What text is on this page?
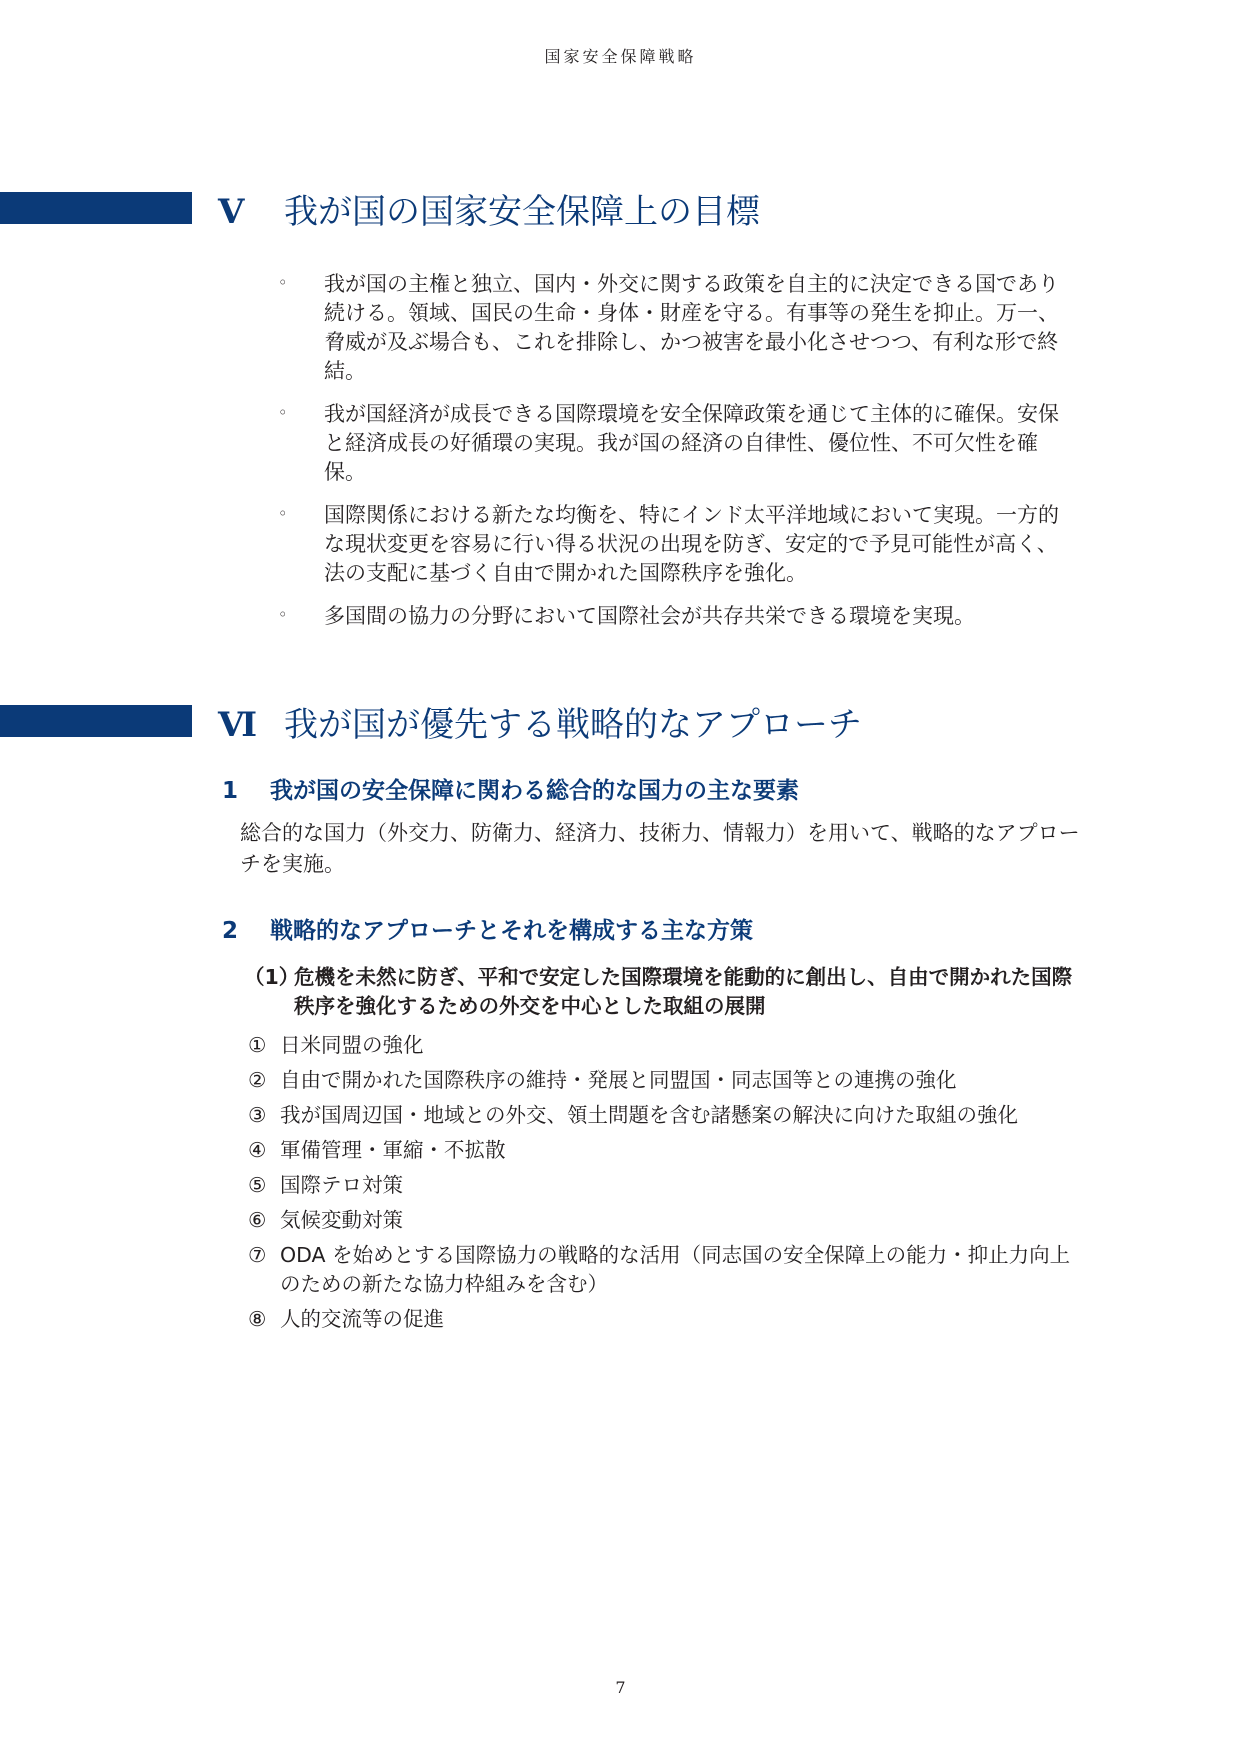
国家安全保障戦略
V 我が国の国家安全保障上の目標
◦ 我が国の主権と独立、国内・外交に関する政策を自主的に決定できる国であり続ける。領域、国民の生命・身体・財産を守る。有事等の発生を抑止。万一、脅威が及ぶ場合も、これを排除し、かつ被害を最小化させつつ、有利な形で終結。
◦ 我が国経済が成長できる国際環境を安全保障政策を通じて主体的に確保。安保と経済成長の好循環の実現。我が国の経済の自律性、優位性、不可欠性を確保。
◦ 国際関係における新たな均衡を、特にインド太平洋地域において実現。一方的な現状変更を容易に行い得る状況の出現を防ぎ、安定的で予見可能性が高く、法の支配に基づく自由で開かれた国際秩序を強化。
◦ 多国間の協力の分野において国際社会が共存共栄できる環境を実現。
Ⅵ 我が国が優先する戦略的なアプローチ
1 我が国の安全保障に関わる総合的な国力の主な要素
総合的な国力（外交力、防衛力、経済力、技術力、情報力）を用いて、戦略的なアプローチを実施。
2 戦略的なアプローチとそれを構成する主な方策
（1）
危機を未然に防ぎ、平和で安定した国際環境を能動的に創出し、自由で開かれた国際秩序を強化するための外交を中心とした取組の展開
① 日米同盟の強化
② 自由で開かれた国際秩序の維持・発展と同盟国・同志国等との連携の強化
③ 我が国周辺国・地域との外交、領土問題を含む諸懸案の解決に向けた取組の強化
④ 軍備管理・軍縮・不拡散
⑤ 国際テロ対策
⑥ 気候変動対策
⑦ ODA を始めとする国際協力の戦略的な活用（同志国の安全保障上の能力・抑止力向上のための新たな協力枠組みを含む）
⑧ 人的交流等の促進
7
